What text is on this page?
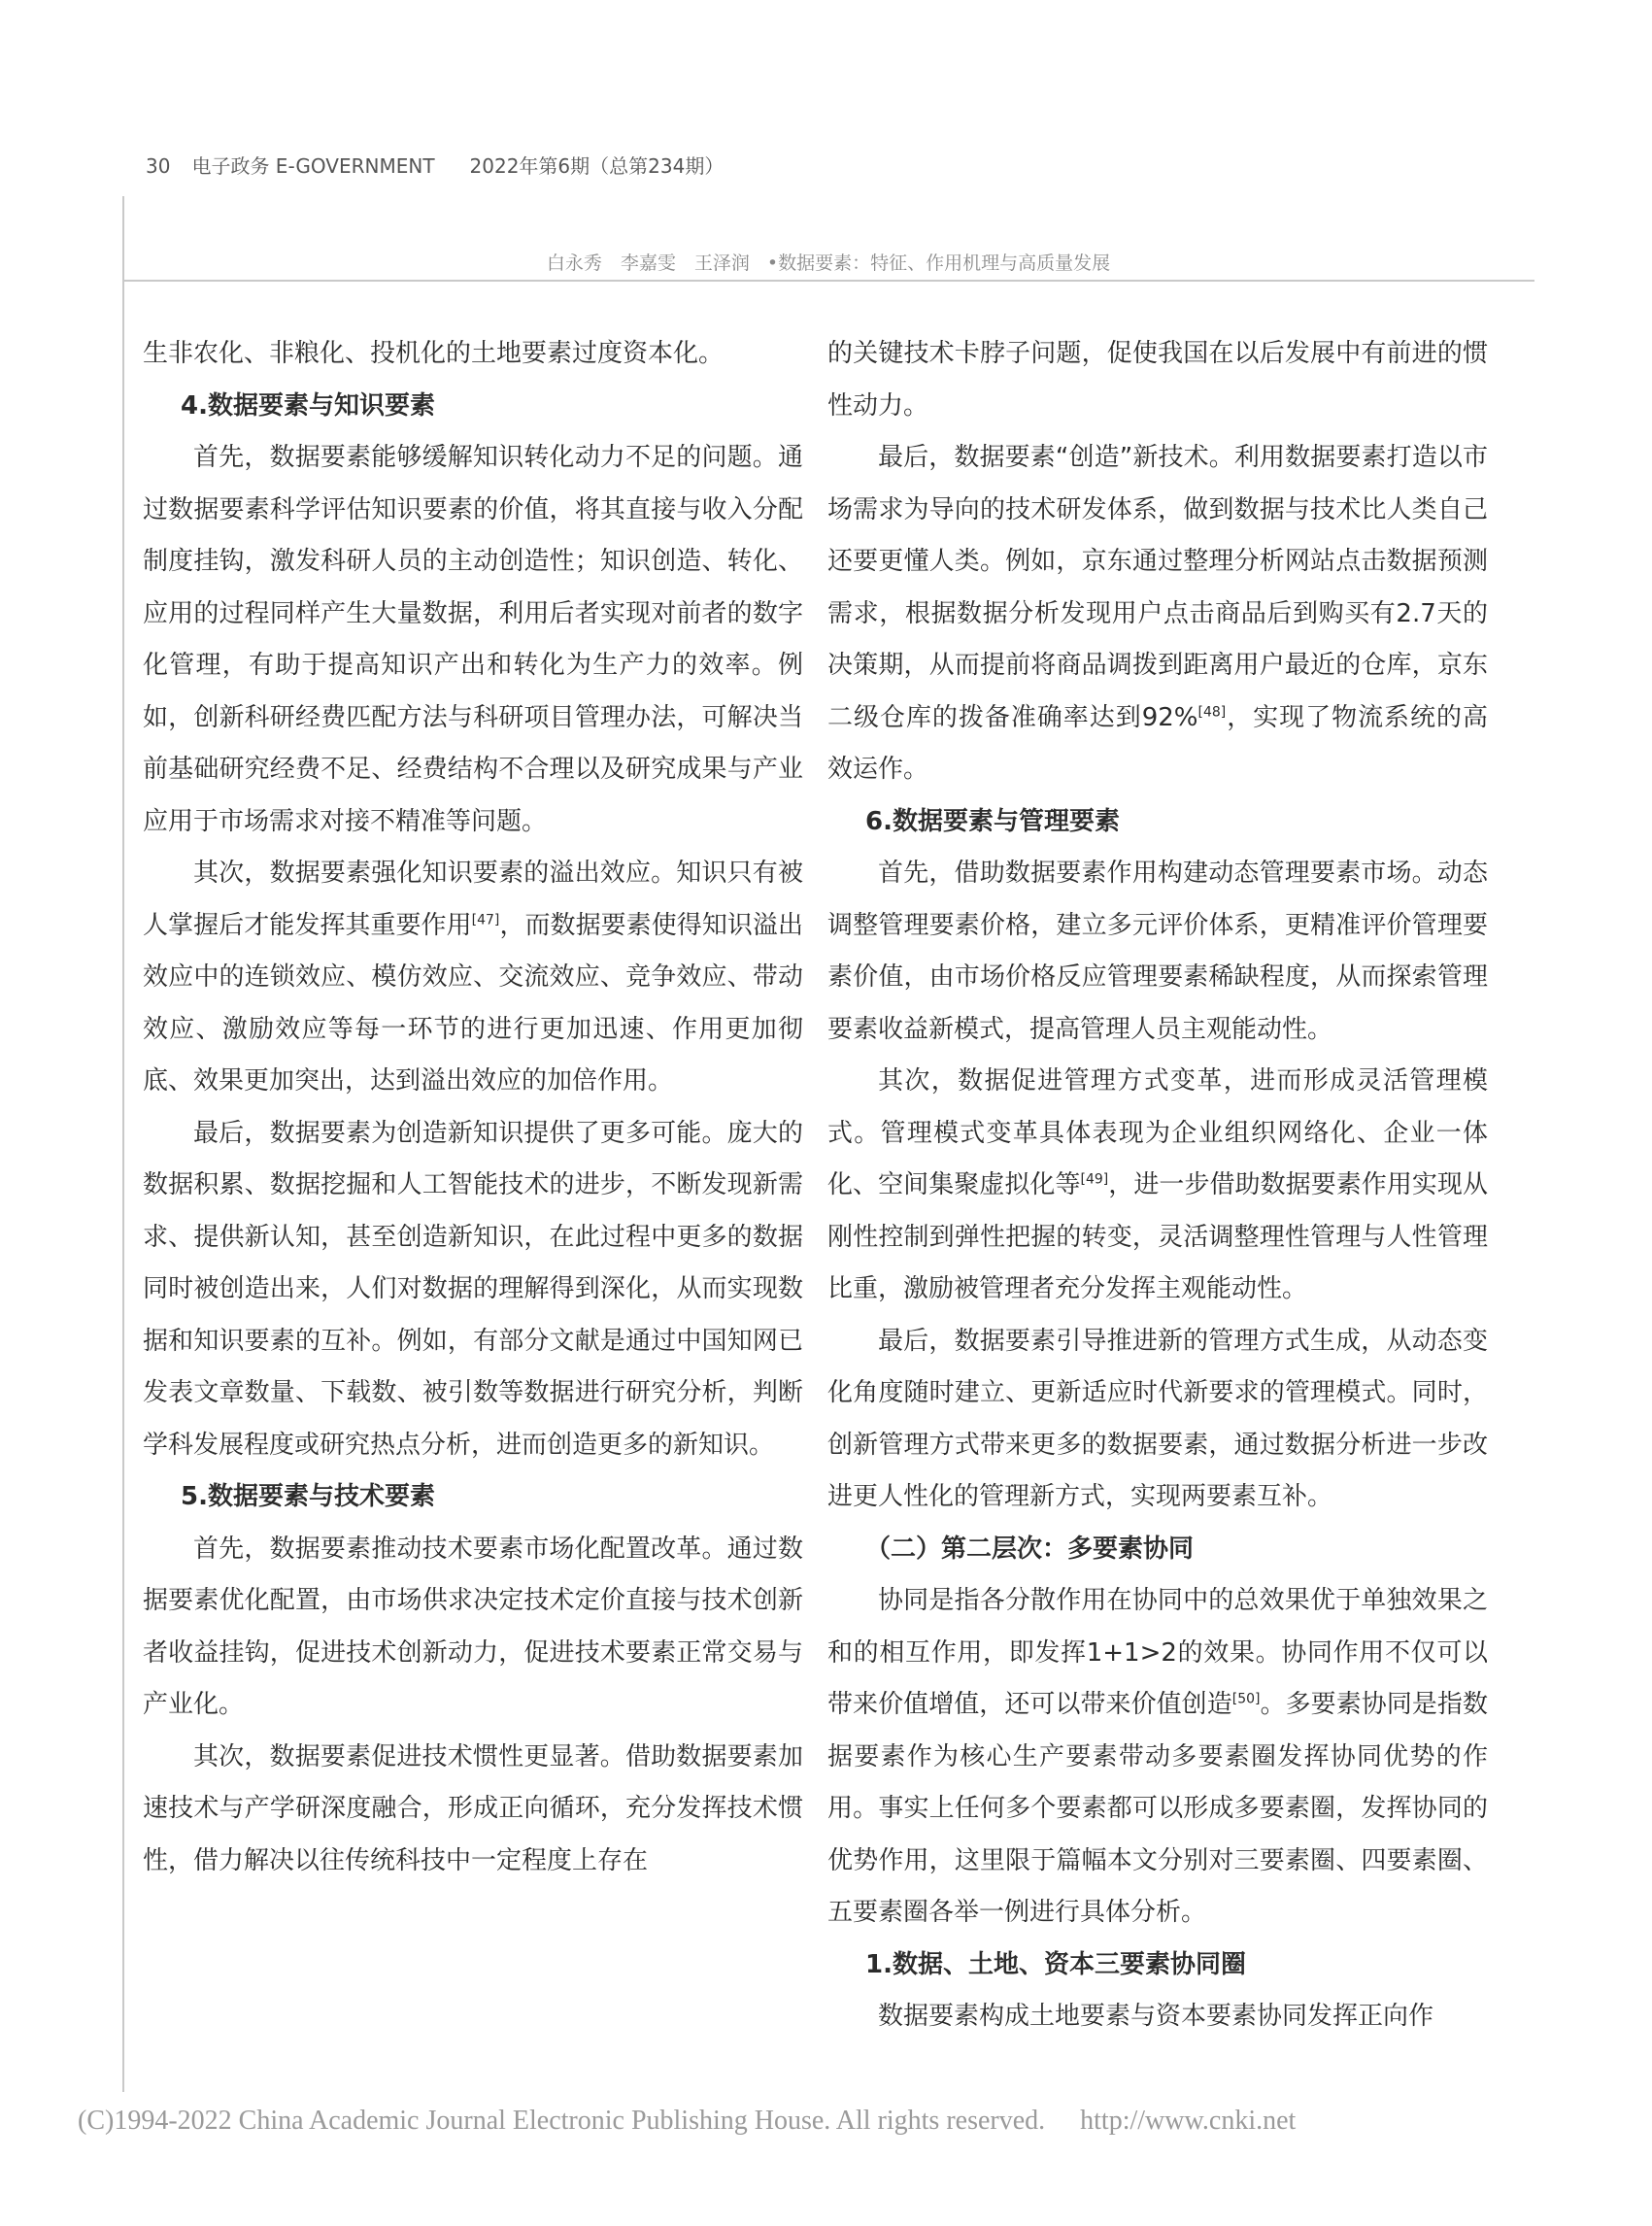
30 电子政务 E-GOVERNMENT 2022年第6期（总第234期）
白永秀　李嘉雯　王泽润 •数据要素：特征、作用机理与高质量发展

生非农化、非粮化、投机化的土地要素过度资本化。

4.数据要素与知识要素

首先，数据要素能够缓解知识转化动力不足的问题。通过数据要素科学评估知识要素的价值，将其直接与收入分配制度挂钩，激发科研人员的主动创造性；知识创造、转化、应用的过程同样产生大量数据，利用后者实现对前者的数字化管理，有助于提高知识产出和转化为生产力的效率。例如，创新科研经费匹配方法与科研项目管理办法，可解决当前基础研究经费不足、经费结构不合理以及研究成果与产业应用于市场需求对接不精准等问题。

其次，数据要素强化知识要素的溢出效应。知识只有被人掌握后才能发挥其重要作用[47]，而数据要素使得知识溢出效应中的连锁效应、模仿效应、交流效应、竞争效应、带动效应、激励效应等每一环节的进行更加迅速、作用更加彻底、效果更加突出，达到溢出效应的加倍作用。

最后，数据要素为创造新知识提供了更多可能。庞大的数据积累、数据挖掘和人工智能技术的进步，不断发现新需求、提供新认知，甚至创造新知识，在此过程中更多的数据同时被创造出来，人们对数据的理解得到深化，从而实现数据和知识要素的互补。例如，有部分文献是通过中国知网已发表文章数量、下载数、被引数等数据进行研究分析，判断学科发展程度或研究热点分析，进而创造更多的新知识。

5.数据要素与技术要素

首先，数据要素推动技术要素市场化配置改革。通过数据要素优化配置，由市场供求决定技术定价直接与技术创新者收益挂钩，促进技术创新动力，促进技术要素正常交易与产业化。

其次，数据要素促进技术惯性更显著。借助数据要素加速技术与产学研深度融合，形成正向循环，充分发挥技术惯性，借力解决以往传统科技中一定程度上存在

的关键技术卡脖子问题，促使我国在以后发展中有前进的惯性动力。

最后，数据要素“创造”新技术。利用数据要素打造以市场需求为导向的技术研发体系，做到数据与技术比人类自己还要更懂人类。例如，京东通过整理分析网站点击数据预测需求，根据数据分析发现用户点击商品后到购买有2.7天的决策期，从而提前将商品调拨到距离用户最近的仓库，京东二级仓库的拨备准确率达到92%[48]，实现了物流系统的高效运作。

6.数据要素与管理要素

首先，借助数据要素作用构建动态管理要素市场。动态调整管理要素价格，建立多元评价体系，更精准评价管理要素价值，由市场价格反应管理要素稀缺程度，从而探索管理要素收益新模式，提高管理人员主观能动性。

其次，数据促进管理方式变革，进而形成灵活管理模式。管理模式变革具体表现为企业组织网络化、企业一体化、空间集聚虚拟化等[49]，进一步借助数据要素作用实现从刚性控制到弹性把握的转变，灵活调整理性管理与人性管理比重，激励被管理者充分发挥主观能动性。

最后，数据要素引导推进新的管理方式生成，从动态变化角度随时建立、更新适应时代新要求的管理模式。同时，创新管理方式带来更多的数据要素，通过数据分析进一步改进更人性化的管理新方式，实现两要素互补。

（二）第二层次：多要素协同

协同是指各分散作用在协同中的总效果优于单独效果之和的相互作用，即发挥1+1>2的效果。协同作用不仅可以带来价值增值，还可以带来价值创造[50]。多要素协同是指数据要素作为核心生产要素带动多要素圈发挥协同优势的作用。事实上任何多个要素都可以形成多要素圈，发挥协同的优势作用，这里限于篇幅本文分别对三要素圈、四要素圈、五要素圈各举一例进行具体分析。

1.数据、土地、资本三要素协同圈

数据要素构成土地要素与资本要素协同发挥正向作

(C)1994-2022 China Academic Journal Electronic Publishing House. All rights reserved. http://www.cnki.net
